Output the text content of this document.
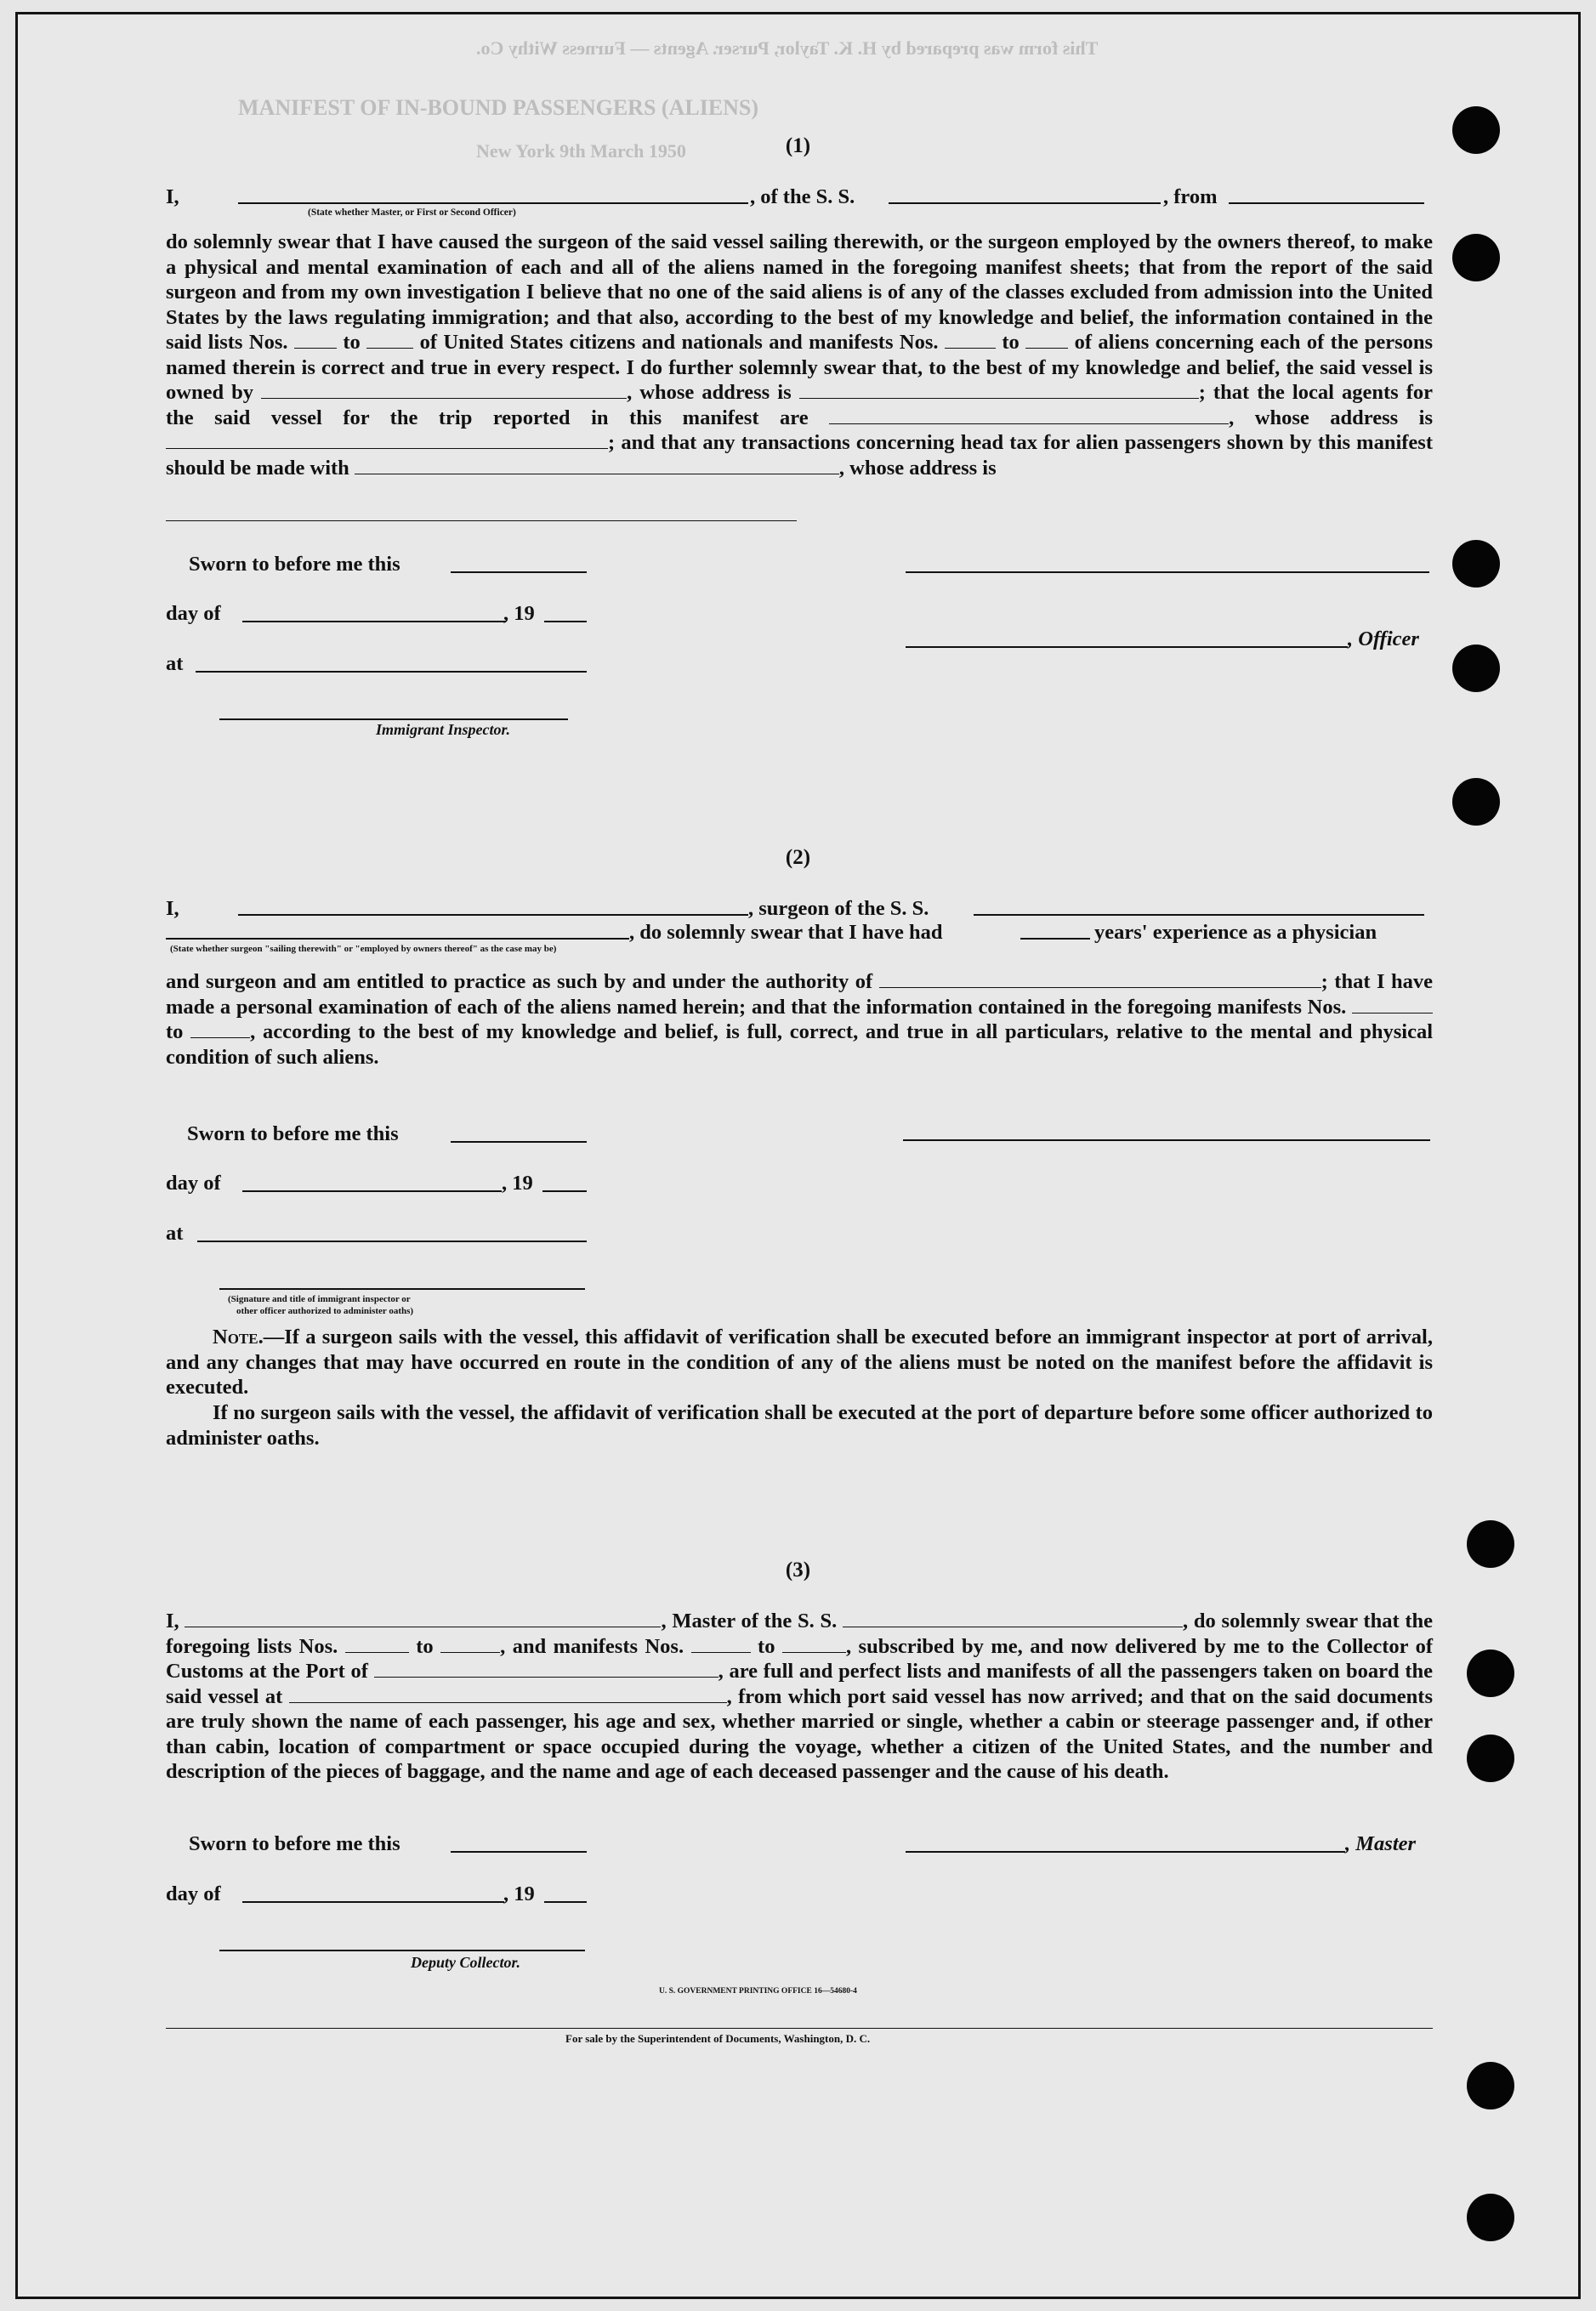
This form was prepared by H. K. Taylor, Purser. Agents — Furness Withy Co.
MANIFEST OF IN-BOUND PASSENGERS (ALIENS)
New York 9th March 1950	(1)
I,	, of the S. S.	, from
(State whether Master, or First or Second Officer)
do solemnly swear that I have caused the surgeon of the said vessel sailing therewith, or the surgeon employed by the owners thereof, to make a physical and mental examination of each and all of the aliens named in the foregoing manifest sheets; that from the report of the said surgeon and from my own investigation I believe that no one of the said aliens is of any of the classes excluded from admission into the United States by the laws regulating immigration; and that also, according to the best of my knowledge and belief, the information contained in the said lists Nos.	to	of United States citizens and nationals and manifests Nos.	to	of aliens concerning each of the persons named therein is correct and true in every respect. I do further solemnly swear that, to the best of my knowledge and belief, the said vessel is owned by	, whose address is	; that the local agents for the said vessel for the trip reported in this manifest are	, whose address is ; and that any transactions concerning head tax for alien passengers shown by this manifest should be made with	, whose address is
Sworn to before me this
day of	, 19
, Officer
at
Immigrant Inspector.
(2)
I,	, surgeon of the S. S.
, do solemnly swear that I have had	years' experience as a physician
(State whether surgeon "sailing therewith" or "employed by owners thereof" as the case may be)
and surgeon and am entitled to practice as such by and under the authority of	; that I have made a personal examination of each of the aliens named herein; and that the information contained in the foregoing manifests Nos.  to	, according to the best of my knowledge and belief, is full, correct, and true in all particulars, relative to the mental and physical condition of such aliens.
Sworn to before me this
day of	, 19
at
(Signature and title of immigrant inspector or
other officer authorized to administer oaths)
Note.—If a surgeon sails with the vessel, this affidavit of verification shall be executed before an immigrant inspector at port of arrival, and any changes that may have occurred en route in the condition of any of the aliens must be noted on the manifest before the affidavit is executed.
If no surgeon sails with the vessel, the affidavit of verification shall be executed at the port of departure before some officer authorized to administer oaths.
(3)
I,	, Master of the S. S.	, do solemnly swear that the foregoing lists Nos.	to	, and manifests Nos.	to	, subscribed by me, and now delivered by me to the Collector of Customs at the Port of	, are full and perfect lists and manifests of all the passengers taken on board the said vessel at	, from which port said vessel has now arrived; and that on the said documents are truly shown the name of each passenger, his age and sex, whether married or single, whether a cabin or steerage passenger and, if other than cabin, location of compartment or space occupied during the voyage, whether a citizen of the United States, and the number and description of the pieces of baggage, and the name and age of each deceased passenger and the cause of his death.
Sworn to before me this	, Master
day of	, 19
Deputy Collector.
U. S. GOVERNMENT PRINTING OFFICE 16—54680-4
For sale by the Superintendent of Documents, Washington, D. C.
